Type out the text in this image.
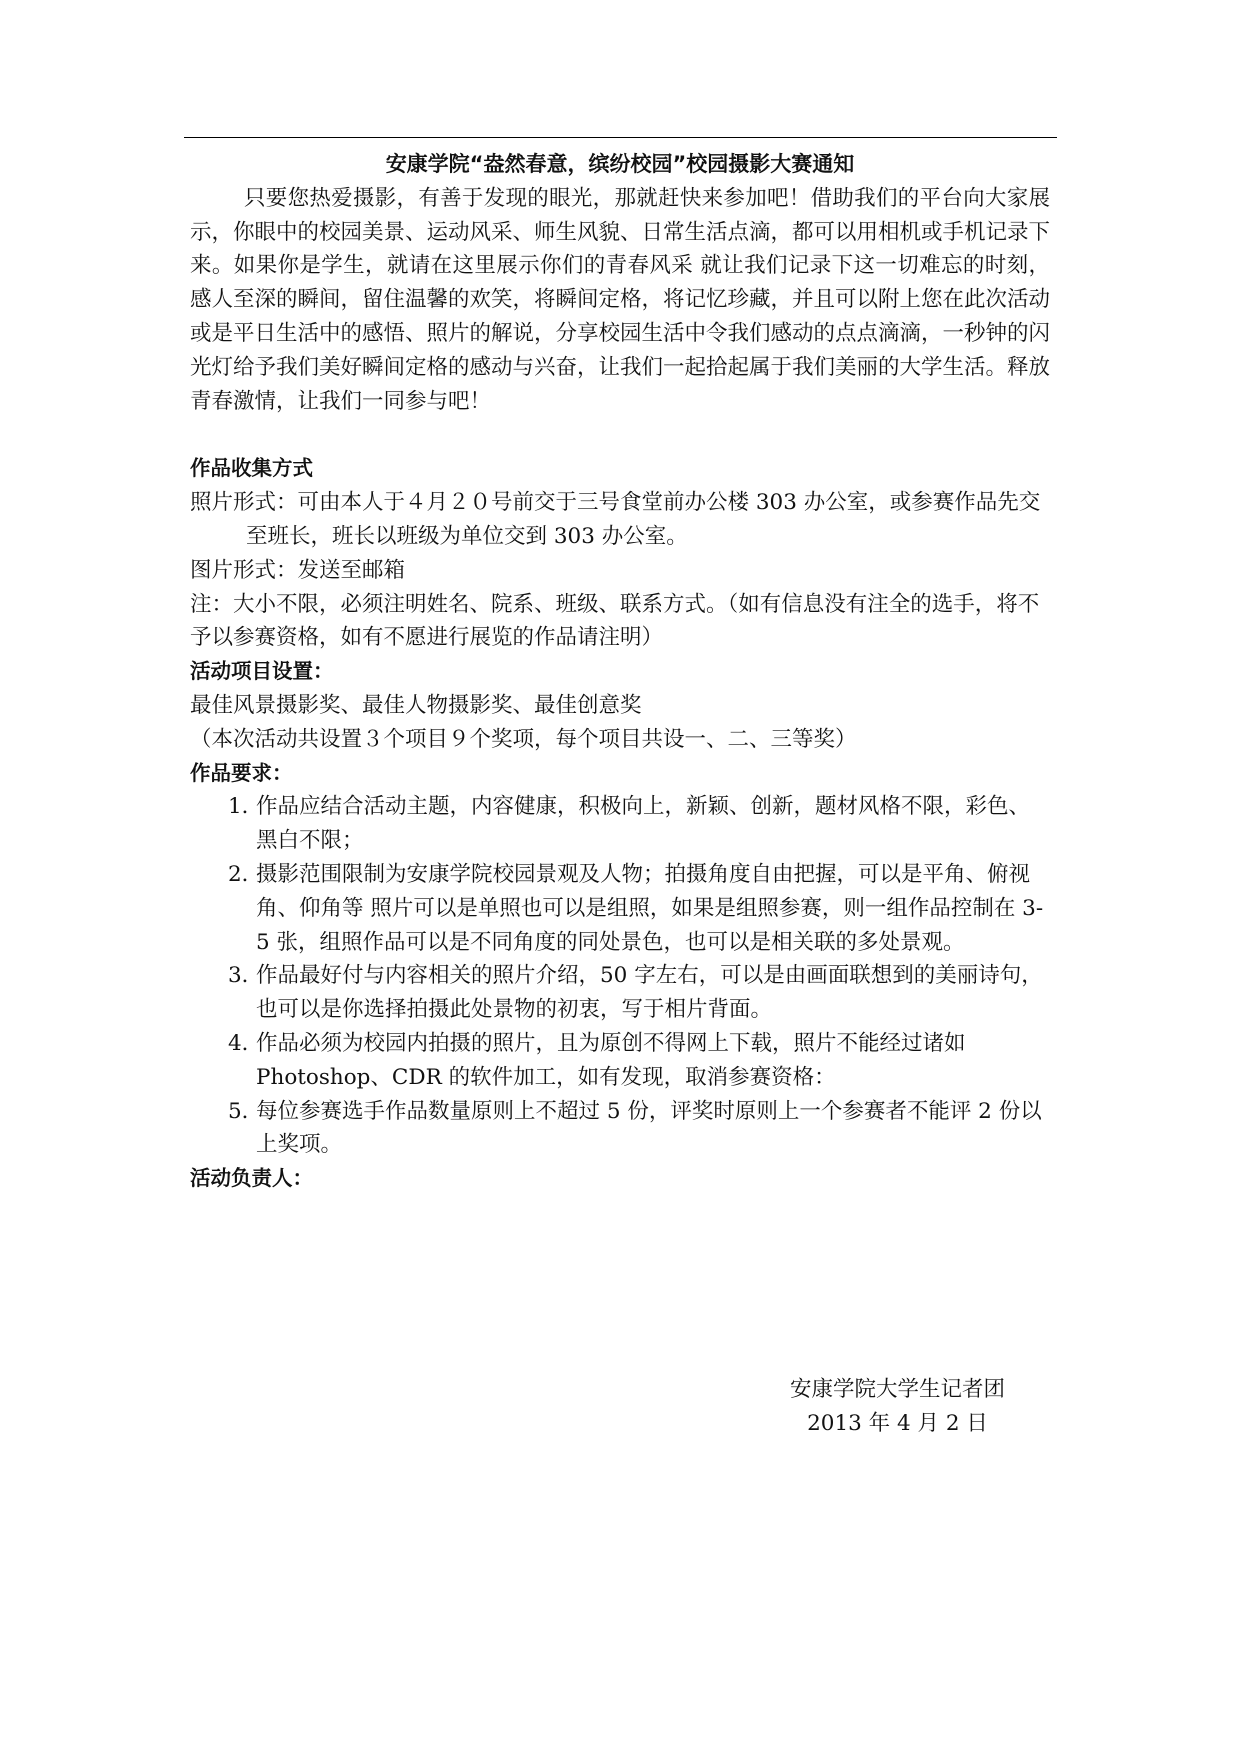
安康学院“盎然春意，缤纷校园”校园摄影大赛通知

只要您热爱摄影，有善于发现的眼光，那就赶快来参加吧！借助我们的平台向大家展示，你眼中的校园美景、运动风采、师生风貌、日常生活点滴，都可以用相机或手机记录下来。如果你是学生，就请在这里展示你们的青春风采 就让我们记录下这一切难忘的时刻，感人至深的瞬间，留住温馨的欢笑，将瞬间定格，将记忆珍藏，并且可以附上您在此次活动或是平日生活中的感悟、照片的解说，分享校园生活中令我们感动的点点滴滴，一秒钟的闪光灯给予我们美好瞬间定格的感动与兴奋，让我们一起拾起属于我们美丽的大学生活。释放青春激情，让我们一同参与吧！

作品收集方式

照片形式：可由本人于４月２０号前交于三号食堂前办公楼 303 办公室，或参赛作品先交至班长，班长以班级为单位交到 303 办公室。

图片形式：发送至邮箱

注：大小不限，必须注明姓名、院系、班级、联系方式。（如有信息没有注全的选手，将不予以参赛资格，如有不愿进行展览的作品请注明）

活动项目设置：

最佳风景摄影奖、最佳人物摄影奖、最佳创意奖

（本次活动共设置３个项目９个奖项，每个项目共设一、二、三等奖）

作品要求：

1．
作品应结合活动主题，内容健康，积极向上，新颖、创新，题材风格不限，彩色、黑白不限；
2．
摄影范围限制为安康学院校园景观及人物；拍摄角度自由把握，可以是平角、俯视角、仰角等 照片可以是单照也可以是组照，如果是组照参赛，则一组作品控制在 3-5 张，组照作品可以是不同角度的同处景色，也可以是相关联的多处景观。
3．
作品最好付与内容相关的照片介绍，50 字左右，可以是由画面联想到的美丽诗句，也可以是你选择拍摄此处景物的初衷，写于相片背面。
4．
作品必须为校园内拍摄的照片，且为原创不得网上下载，照片不能经过诸如 Photoshop、CDR 的软件加工，如有发现，取消参赛资格：
5．
每位参赛选手作品数量原则上不超过 5 份，评奖时原则上一个参赛者不能评 2 份以上奖项。

活动负责人：

安康学院大学生记者团
2013 年 4 月 2 日
